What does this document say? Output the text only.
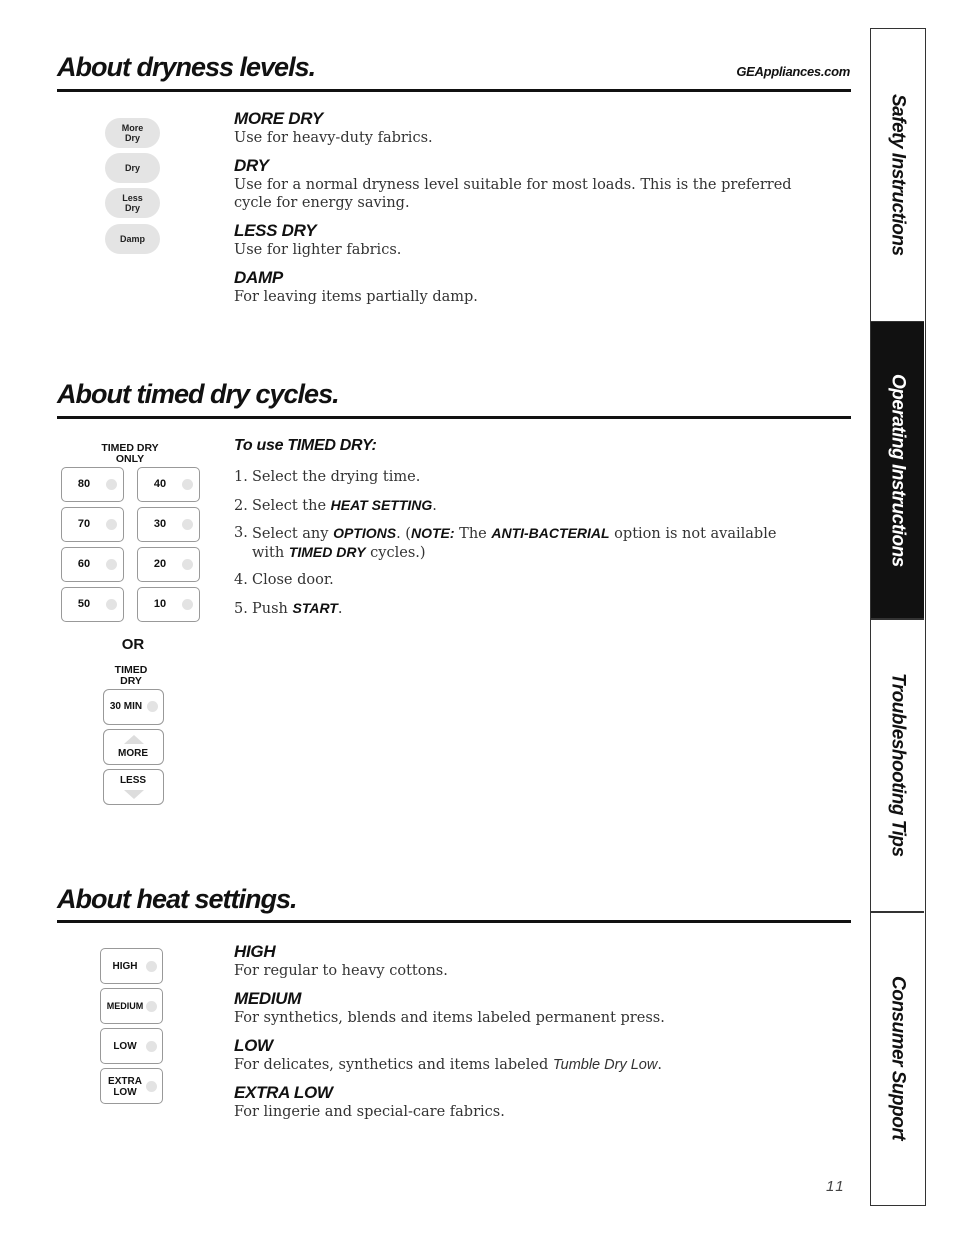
About dryness levels.	GEAppliances.com
More
Dry
Dry
Less
Dry
Damp
MORE DRY
Use for heavy-duty fabrics.
DRY
Use for a normal dryness level suitable for most loads. This is the preferred cycle for energy saving.
LESS DRY
Use for lighter fabrics.
DAMP
For leaving items partially damp.
About timed dry cycles.
TIMED DRY
ONLY
80
70
60
50
40
30
20
10
OR
TIMED
DRY
30 MIN
MORE
LESS
To use TIMED DRY:
1. Select the drying time.
2. Select the HEAT SETTING.
3. Select any OPTIONS. (NOTE: The ANTI-BACTERIAL option is not available with TIMED DRY cycles.)
4. Close door.
5. Push START.
About heat settings.
HIGH
MEDIUM
LOW
EXTRA
LOW
HIGH
For regular to heavy cottons.
MEDIUM
For synthetics, blends and items labeled permanent press.
LOW
For delicates, synthetics and items labeled Tumble Dry Low.
EXTRA LOW
For lingerie and special-care fabrics.
11
Safety Instructions
Operating Instructions
Troubleshooting Tips
Consumer Support
